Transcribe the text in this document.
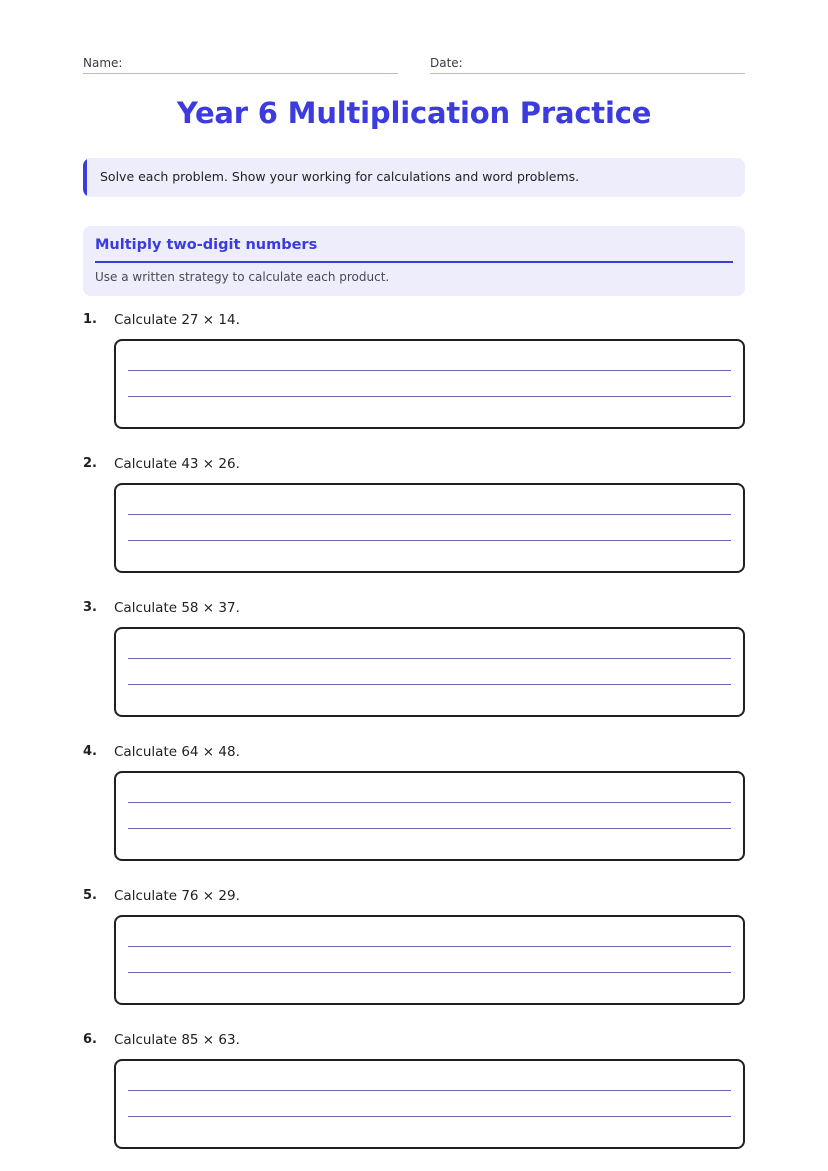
Name:	Date:
Year 6 Multiplication Practice
Solve each problem. Show your working for calculations and word problems.
Multiply two-digit numbers
Use a written strategy to calculate each product.
1. Calculate 27 × 14.
2. Calculate 43 × 26.
3. Calculate 58 × 37.
4. Calculate 64 × 48.
5. Calculate 76 × 29.
6. Calculate 85 × 63.
